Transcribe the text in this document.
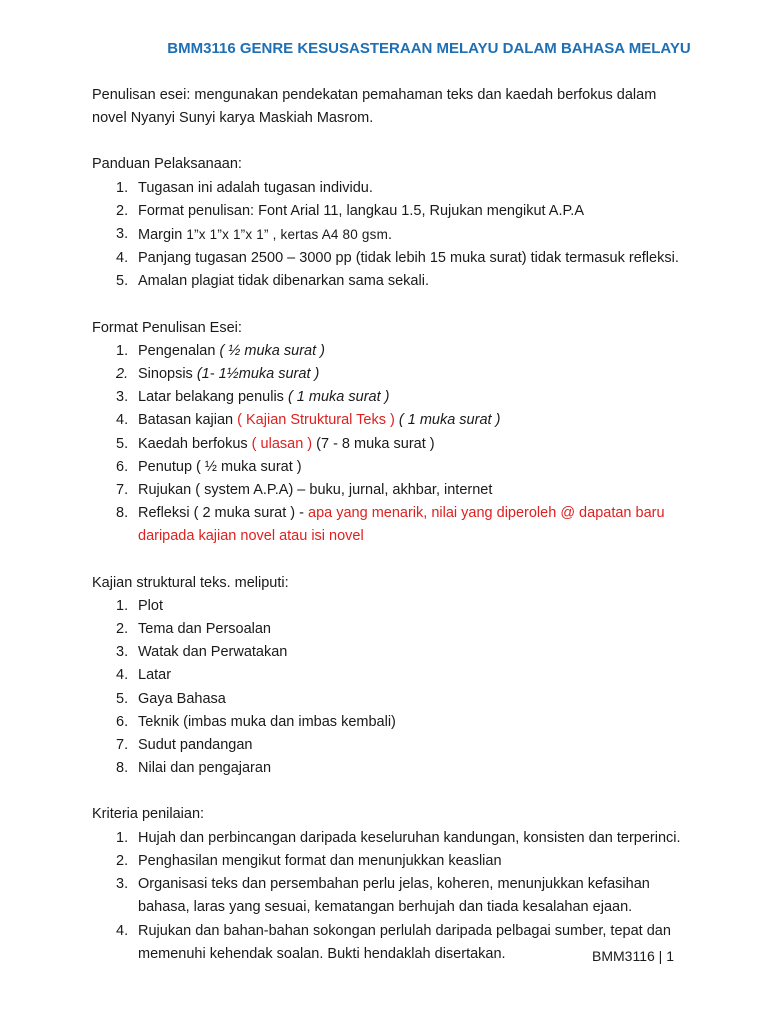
BMM3116 GENRE KESUSASTERAAN MELAYU DALAM BAHASA MELAYU

Penulisan esei: mengunakan pendekatan pemahaman teks dan kaedah berfokus dalam

novel Nyanyi Sunyi karya Maskiah Masrom.

Panduan Pelaksanaan:

1. Tugasan ini adalah tugasan individu.
2. Format penulisan: Font Arial 11, langkau 1.5, Rujukan mengikut A.P.A
3. Margin 1”x 1”x 1”x 1” , kertas A4 80 gsm.
4. Panjang tugasan 2500 – 3000 pp (tidak lebih 15 muka surat) tidak termasuk refleksi.
5. Amalan plagiat tidak dibenarkan sama sekali.

Format Penulisan Esei:

1. Pengenalan ( ½ muka surat )
2. Sinopsis (1- 1½muka surat )
3. Latar belakang penulis ( 1 muka surat )
4. Batasan kajian ( Kajian Struktural Teks ) ( 1 muka surat )
5. Kaedah berfokus ( ulasan ) (7 - 8 muka surat )
6. Penutup ( ½ muka surat )
7. Rujukan ( system A.P.A) – buku, jurnal, akhbar, internet
8. Refleksi ( 2 muka surat ) - apa yang menarik, nilai yang diperoleh @ dapatan baru
daripada kajian novel atau isi novel

Kajian struktural teks. meliputi:

1. Plot
2. Tema dan Persoalan
3. Watak dan Perwatakan
4. Latar
5. Gaya Bahasa
6. Teknik (imbas muka dan imbas kembali)
7. Sudut pandangan
8. Nilai dan pengajaran

Kriteria penilaian:

1. Hujah dan perbincangan daripada keseluruhan kandungan, konsisten dan terperinci.
2. Penghasilan mengikut format dan menunjukkan keaslian
3. Organisasi teks dan persembahan perlu jelas, koheren, menunjukkan kefasihan
bahasa, laras yang sesuai, kematangan berhujah dan tiada kesalahan ejaan.
4. Rujukan dan bahan-bahan sokongan perlulah daripada pelbagai sumber, tepat dan
memenuhi kehendak soalan. Bukti hendaklah disertakan.	BMM3116 | 1
